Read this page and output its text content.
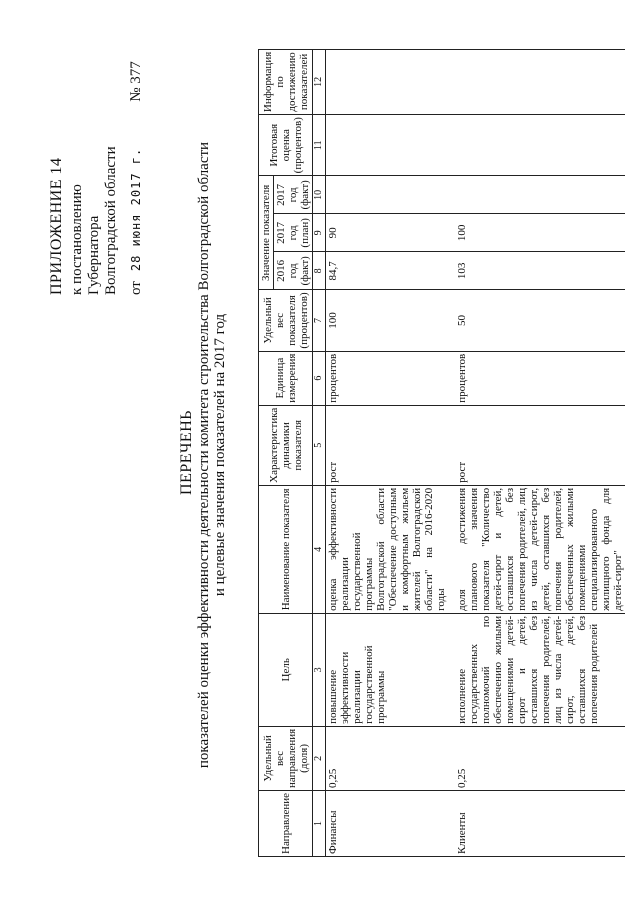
ПРИЛОЖЕНИЕ 14 к постановлению Губернатора Волгоградской области от
28 июня 2017 г.
№ 377
ПЕРЕЧЕНЬ показателей оценки эффективности деятельности комитета строительства Волгоградской области и целевые значения показателей на 2017 год
Направление	Удельный вес направления (доля)	Цель	Наименование показателя	Характеристика динамики показателя	Единица измерения	Удельный вес показателя (процентов)	Значение показателя			Итоговая оценка (процентов)	Информация по достижению показателей
							2016 год (факт)	2017 год (план)	2017 год (факт)		
1	2	3	4	5	6	7	8	9	10	11	12
Финансы	0,25	повышение эффективности реализации государственной программы	оценка эффективности реализации государственной программы Волгоградской области "Обеспечение доступным и комфортным жильем жителей Волгоградской области" на 2016-2020 годы	рост	процентов	100	84,7	90			
Клиенты	0,25	исполнение государственных полномочий по обеспечению жилыми помещениями детей-сирот и детей, оставшихся без попечения родителей, лиц из числа детей-сирот, детей, оставшихся без попечения родителей	доля достижения планового значения показателя "Количество детей-сирот и детей, оставшихся без попечения родителей, лиц из числа детей-сирот, детей, оставшихся без попечения родителей, обеспеченных жилыми помещениями специализированного жилищного фонда для детей-сирот"	рост	процентов	50	103	100			
